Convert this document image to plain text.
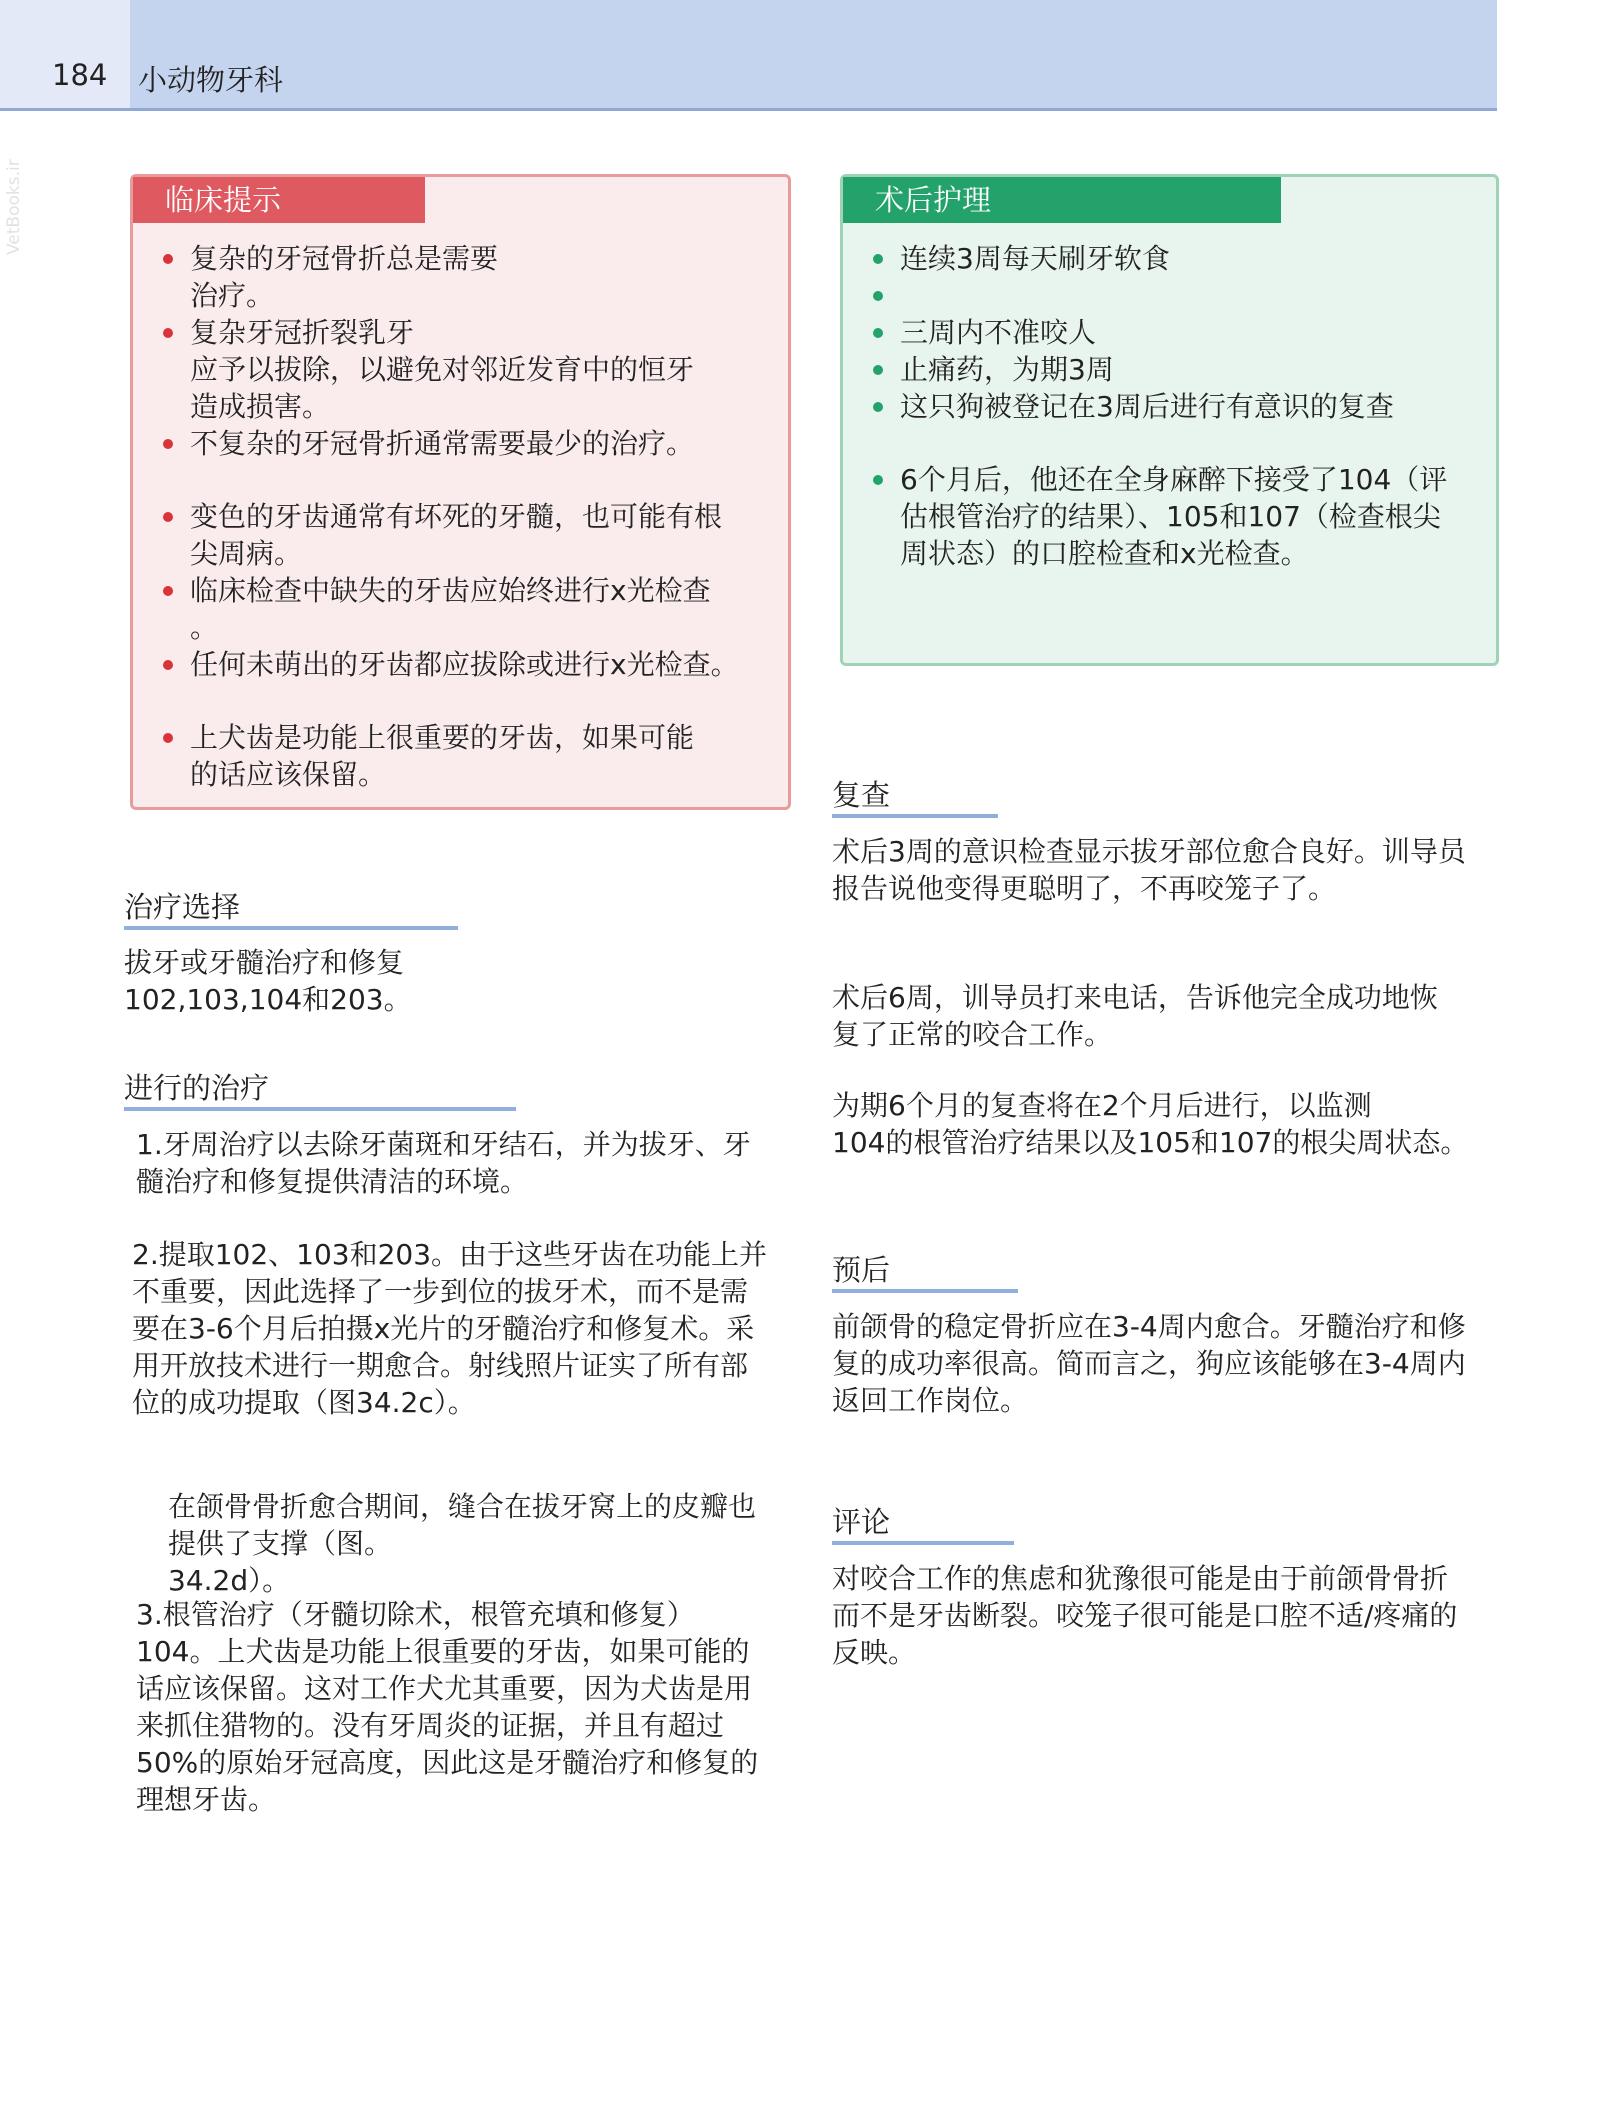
184 小动物牙科
VetBooks.ir	临床提示
复杂的牙冠骨折总是需要
治疗。
复杂牙冠折裂乳牙
应予以拔除，以避免对邻近发育中的恒牙
造成损害。
不复杂的牙冠骨折通常需要最少的治疗。
变色的牙齿通常有坏死的牙髓，也可能有根
尖周病。
临床检查中缺失的牙齿应始终进行x光检查
。
任何未萌出的牙齿都应拔除或进行x光检查。
上犬齿是功能上很重要的牙齿，如果可能
的话应该保留。
术后护理
连续3周每天刷牙软食
三周内不准咬人
止痛药，为期3周
这只狗被登记在3周后进行有意识的复查
6个月后，他还在全身麻醉下接受了104（评
估根管治疗的结果）、105和107（检查根尖
周状态）的口腔检查和x光检查。
治疗选择

拔牙或牙髓治疗和修复
102,103,104和203。

进行的治疗

1.牙周治疗以去除牙菌斑和牙结石，并为拔牙、牙
髓治疗和修复提供清洁的环境。

2.提取102、103和203。由于这些牙齿在功能上并
不重要，因此选择了一步到位的拔牙术，而不是需
要在3-6个月后拍摄x光片的牙髓治疗和修复术。采
用开放技术进行一期愈合。射线照片证实了所有部
位的成功提取（图34.2c）。

在颌骨骨折愈合期间，缝合在拔牙窝上的皮瓣也
提供了支撑（图。
34.2d）。

3.根管治疗（牙髓切除术，根管充填和修复）
104。上犬齿是功能上很重要的牙齿，如果可能的
话应该保留。这对工作犬尤其重要，因为犬齿是用
来抓住猎物的。没有牙周炎的证据，并且有超过
50%的原始牙冠高度，因此这是牙髓治疗和修复的
理想牙齿。

复查

术后3周的意识检查显示拔牙部位愈合良好。训导员
报告说他变得更聪明了，不再咬笼子了。

术后6周，训导员打来电话，告诉他完全成功地恢
复了正常的咬合工作。

为期6个月的复查将在2个月后进行，以监测
104的根管治疗结果以及105和107的根尖周状态。

预后

前颌骨的稳定骨折应在3-4周内愈合。牙髓治疗和修
复的成功率很高。简而言之，狗应该能够在3-4周内
返回工作岗位。

评论

对咬合工作的焦虑和犹豫很可能是由于前颌骨骨折
而不是牙齿断裂。咬笼子很可能是口腔不适/疼痛的
反映。
